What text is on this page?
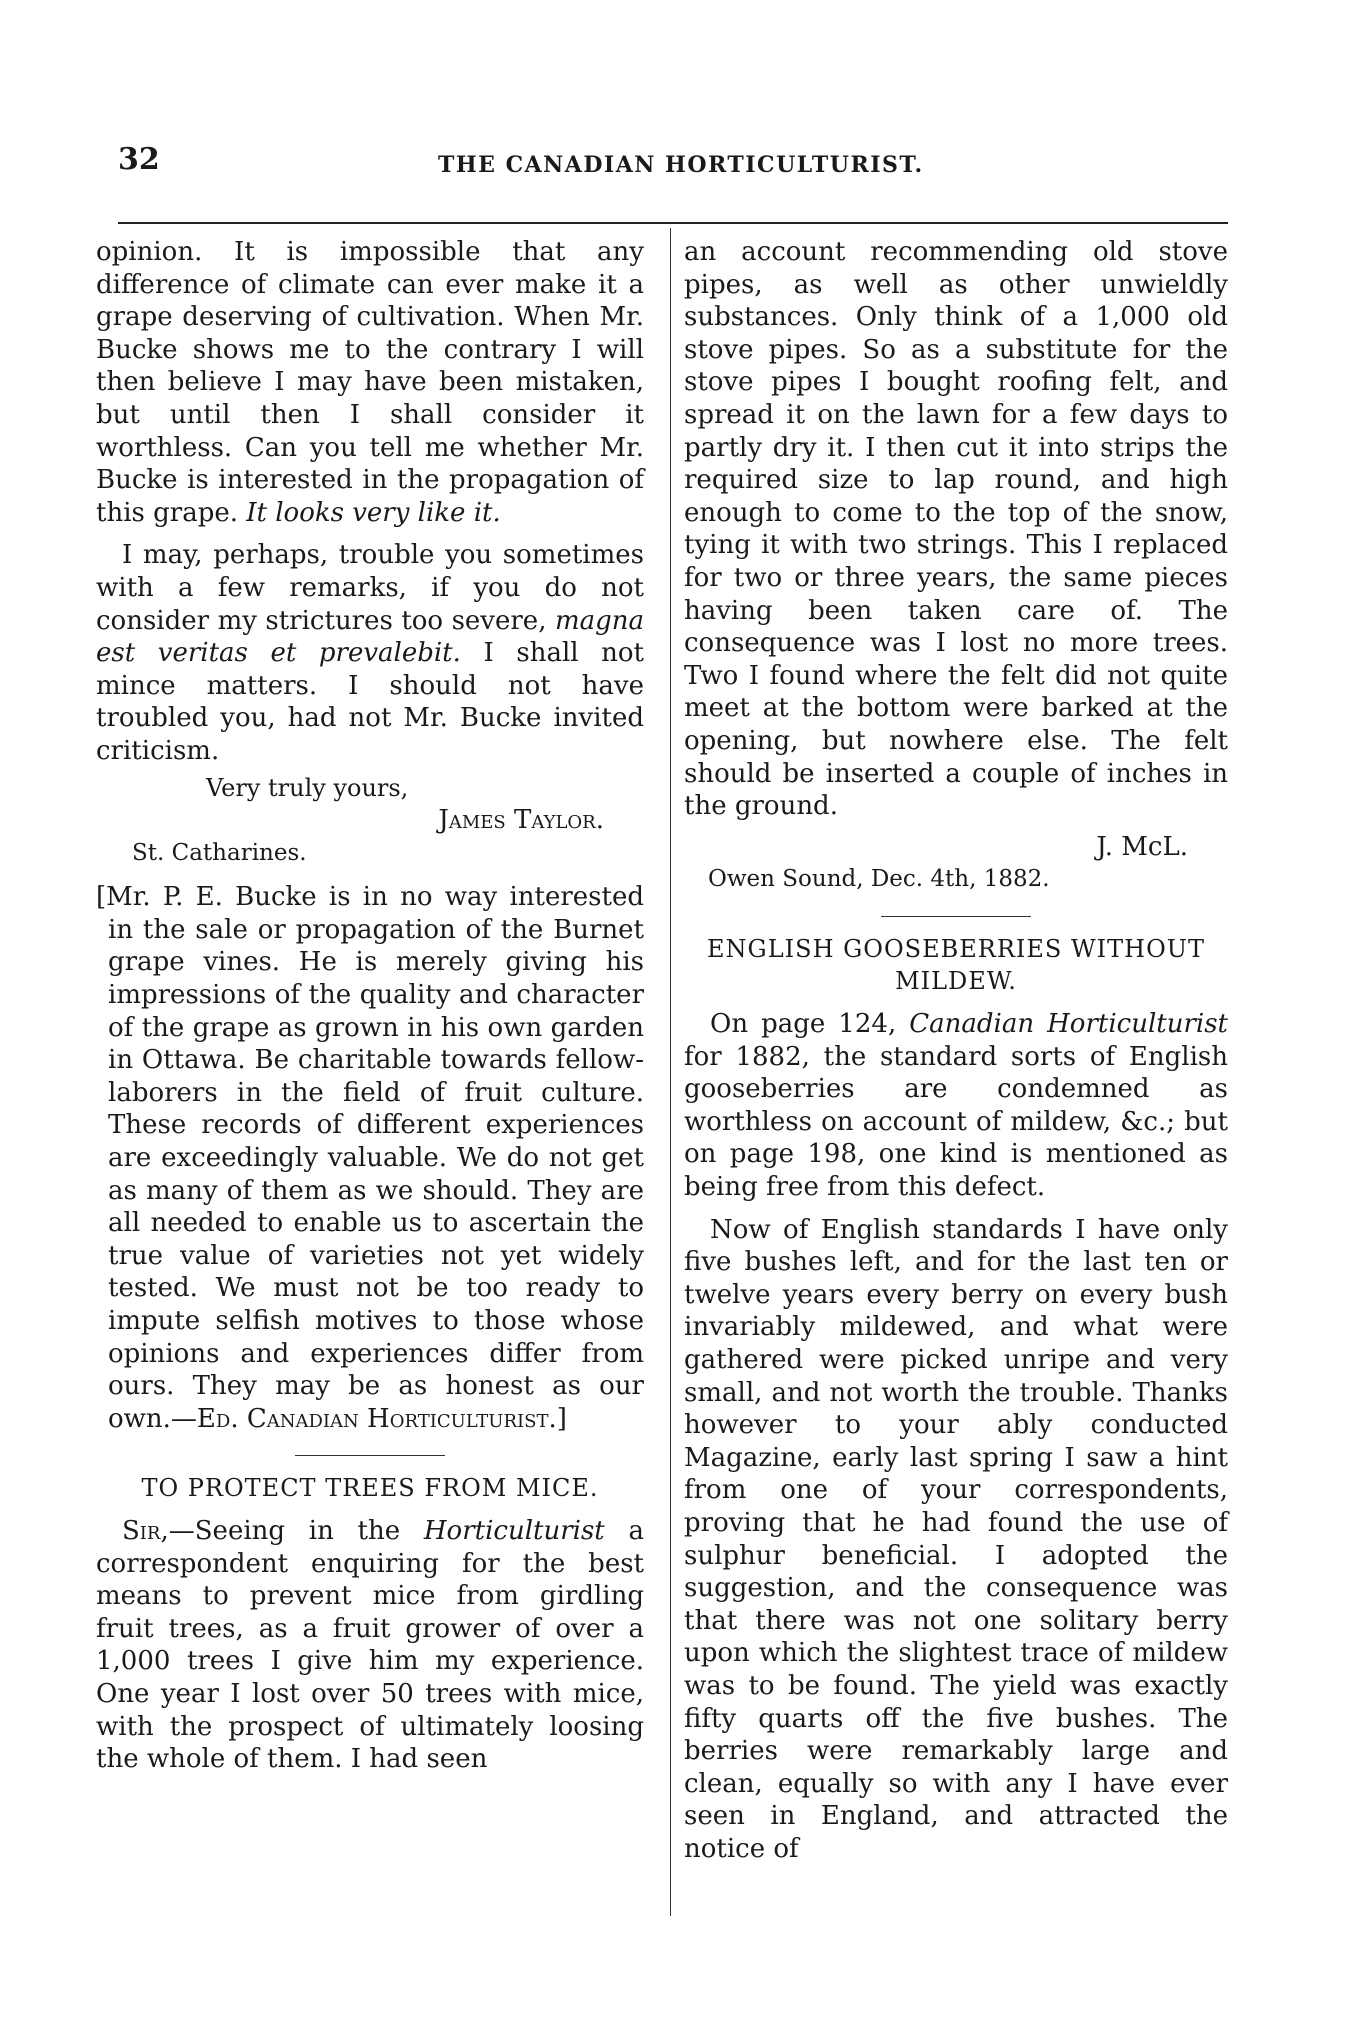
32	THE CANADIAN HORTICULTURIST.

opinion. It is impossible that any difference of climate can ever make it a grape deserving of cultivation. When Mr. Bucke shows me to the contrary I will then believe I may have been mistaken, but until then I shall consider it worthless. Can you tell me whether Mr. Bucke is interested in the propagation of this grape. It looks very like it.

I may, perhaps, trouble you sometimes with a few remarks, if you do not consider my strictures too severe, magna est veritas et prevalebit. I shall not mince matters. I should not have troubled you, had not Mr. Bucke invited criticism.

Very truly yours,

James Taylor.

St. Catharines.

[Mr. P. E. Bucke is in no way interested in the sale or propagation of the Burnet grape vines. He is merely giving his impressions of the quality and character of the grape as grown in his own garden in Ottawa. Be charitable towards fellow-laborers in the field of fruit culture. These records of different experiences are exceedingly valuable. We do not get as many of them as we should. They are all needed to enable us to ascertain the true value of varieties not yet widely tested. We must not be too ready to impute selfish motives to those whose opinions and experiences differ from ours. They may be as honest as our own.—Ed. Canadian Horticulturist.]

TO PROTECT TREES FROM MICE.

Sir,—Seeing in the Horticulturist a correspondent enquiring for the best means to prevent mice from girdling fruit trees, as a fruit grower of over a 1,000 trees I give him my experience. One year I lost over 50 trees with mice, with the prospect of ultimately loosing the whole of them. I had seen

an account recommending old stove pipes, as well as other unwieldly substances. Only think of a 1,000 old stove pipes. So as a substitute for the stove pipes I bought roofing felt, and spread it on the lawn for a few days to partly dry it. I then cut it into strips the required size to lap round, and high enough to come to the top of the snow, tying it with two strings. This I replaced for two or three years, the same pieces having been taken care of. The consequence was I lost no more trees. Two I found where the felt did not quite meet at the bottom were barked at the opening, but nowhere else. The felt should be inserted a couple of inches in the ground.

J. McL.

Owen Sound, Dec. 4th, 1882.

ENGLISH GOOSEBERRIES WITHOUT
MILDEW.

On page 124, Canadian Horticulturist for 1882, the standard sorts of English gooseberries are condemned as worthless on account of mildew, &c.; but on page 198, one kind is mentioned as being free from this defect.

Now of English standards I have only five bushes left, and for the last ten or twelve years every berry on every bush invariably mildewed, and what were gathered were picked unripe and very small, and not worth the trouble. Thanks however to your ably conducted Magazine, early last spring I saw a hint from one of your correspondents, proving that he had found the use of sulphur beneficial. I adopted the suggestion, and the consequence was that there was not one solitary berry upon which the slightest trace of mildew was to be found. The yield was exactly fifty quarts off the five bushes. The berries were remarkably large and clean, equally so with any I have ever seen in England, and attracted the notice of
